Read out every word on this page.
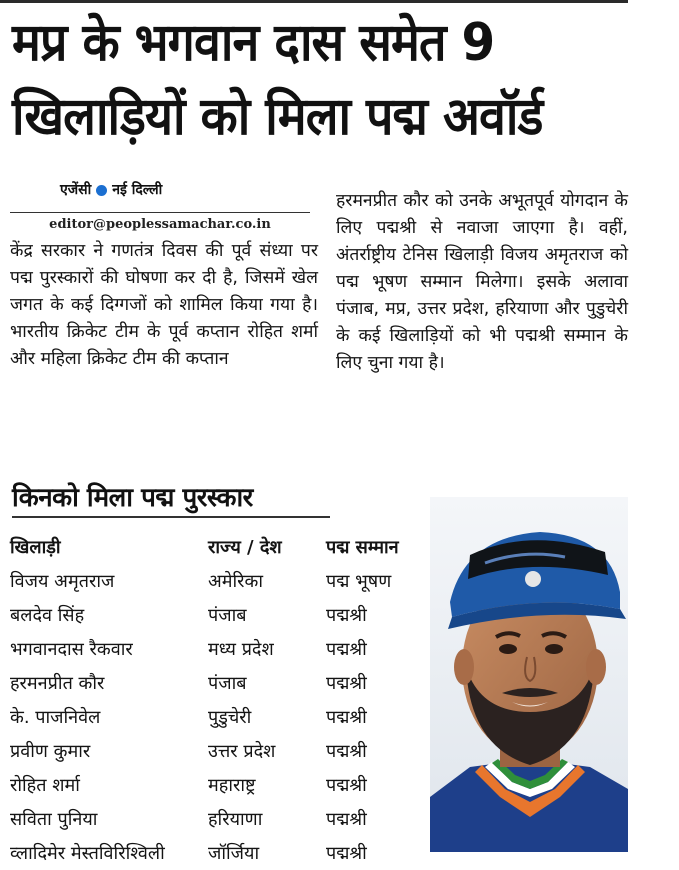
मप्र के भगवान दास समेत 9
खिलाड़ियों को मिला पद्म अवॉर्ड
एजेंसी नई दिल्ली
editor@peoplessamachar.co.in

केंद्र सरकार ने गणतंत्र दिवस की पूर्व संध्या पर पद्म पुरस्कारों की घोषणा कर दी है, जिसमें खेल जगत के कई दिग्गजों को शामिल किया गया है। भारतीय क्रिकेट टीम के पूर्व कप्तान रोहित शर्मा और महिला क्रिकेट टीम की कप्तान

हरमनप्रीत कौर को उनके अभूतपूर्व योगदान के लिए पद्मश्री से नवाजा जाएगा है। वहीं, अंतर्राष्ट्रीय टेनिस खिलाड़ी विजय अमृतराज को पद्म भूषण सम्मान मिलेगा। इसके अलावा पंजाब, मप्र, उत्तर प्रदेश, हरियाणा और पुडुचेरी के कई खिलाड़ियों को भी पद्मश्री सम्मान के लिए चुना गया है।

किनको मिला पद्म पुरस्कार
खिलाड़ी	राज्य / देश	पद्म सम्मान
विजय अमृतराज	अमेरिका	पद्म भूषण
बलदेव सिंह	पंजाब	पद्मश्री
भगवानदास रैकवार	मध्य प्रदेश	पद्मश्री
हरमनप्रीत कौर	पंजाब	पद्मश्री
के. पाजनिवेल	पुडुचेरी	पद्मश्री
प्रवीण कुमार	उत्तर प्रदेश	पद्मश्री
रोहित शर्मा	महाराष्ट्र	पद्मश्री
सविता पुनिया	हरियाणा	पद्मश्री
व्लादिमेर मेस्तविरिश्विली	जॉर्जिया	पद्मश्री
